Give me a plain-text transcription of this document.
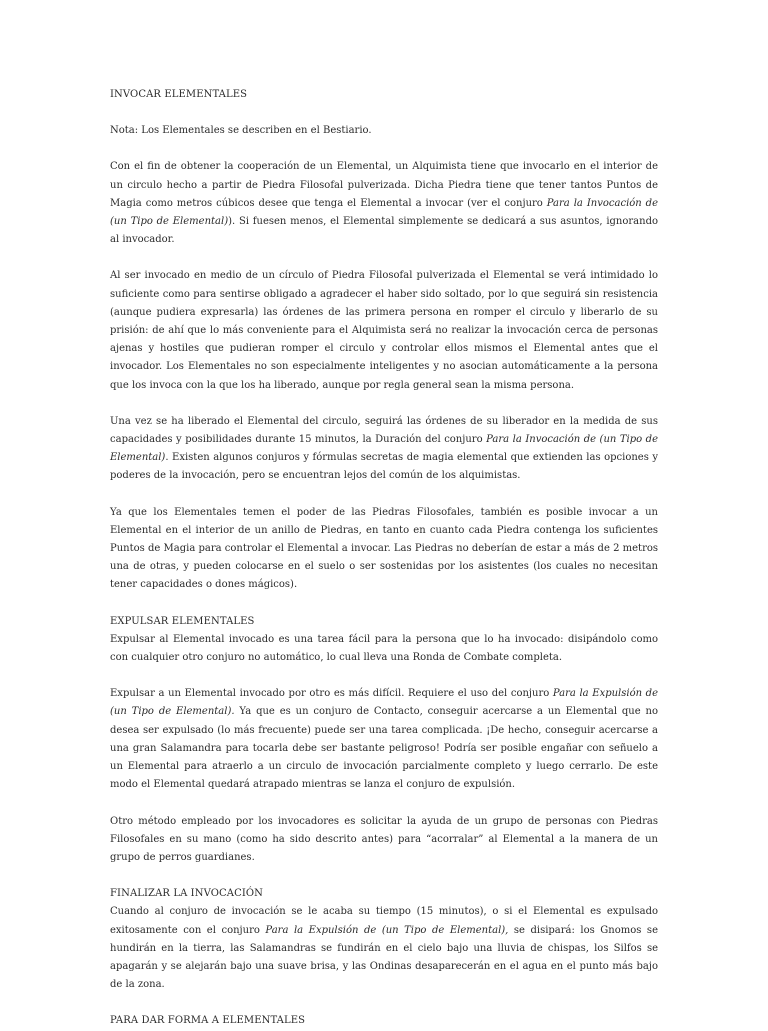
INVOCAR ELEMENTALES

Nota: Los Elementales se describen en el Bestiario.

Con el fin de obtener la cooperación de un Elemental, un Alquimista tiene que invocarlo en el interior de un circulo hecho a partir de Piedra Filosofal pulverizada. Dicha Piedra tiene que tener tantos Puntos de Magia como metros cúbicos desee que tenga el Elemental a invocar (ver el conjuro Para la Invocación de (un Tipo de Elemental)). Si fuesen menos, el Elemental simplemente se dedicará a sus asuntos, ignorando al invocador.

Al ser invocado en medio de un círculo of Piedra Filosofal pulverizada el Elemental se verá intimidado lo suficiente como para sentirse obligado a agradecer el haber sido soltado, por lo que seguirá sin resistencia (aunque pudiera expresarla) las órdenes de las primera persona en romper el circulo y liberarlo de su prisión: de ahí que lo más conveniente para el Alquimista será no realizar la invocación cerca de personas ajenas y hostiles que pudieran romper el circulo y controlar ellos mismos el Elemental antes que el invocador. Los Elementales no son especialmente inteligentes y no asocian automáticamente a la persona que los invoca con la que los ha liberado, aunque por regla general sean la misma persona.

Una vez se ha liberado el Elemental del circulo, seguirá las órdenes de su liberador en la medida de sus capacidades y posibilidades durante 15 minutos, la Duración del conjuro Para la Invocación de (un Tipo de Elemental). Existen algunos conjuros y fórmulas secretas de magia elemental que extienden las opciones y poderes de la invocación, pero se encuentran lejos del común de los alquimistas.

Ya que los Elementales temen el poder de las Piedras Filosofales, también es posible invocar a un Elemental en el interior de un anillo de Piedras, en tanto en cuanto cada Piedra contenga los suficientes Puntos de Magia para controlar el Elemental a invocar. Las Piedras no deberían de estar a más de 2 metros una de otras, y pueden colocarse en el suelo o ser sostenidas por los asistentes (los cuales no necesitan tener capacidades o dones mágicos).

EXPULSAR ELEMENTALES

Expulsar al Elemental invocado es una tarea fácil para la persona que lo ha invocado: disipándolo como con cualquier otro conjuro no automático, lo cual lleva una Ronda de Combate completa.

Expulsar a un Elemental invocado por otro es más difícil. Requiere el uso del conjuro Para la Expulsión de (un Tipo de Elemental). Ya que es un conjuro de Contacto, conseguir acercarse a un Elemental que no desea ser expulsado (lo más frecuente) puede ser una tarea complicada. ¡De hecho, conseguir acercarse a una gran Salamandra para tocarla debe ser bastante peligroso! Podría ser posible engañar con señuelo a un Elemental para atraerlo a un circulo de invocación parcialmente completo y luego cerrarlo. De este modo el Elemental quedará atrapado mientras se lanza el conjuro de expulsión.

Otro método empleado por los invocadores es solicitar la ayuda de un grupo de personas con Piedras Filosofales en su mano (como ha sido descrito antes) para “acorralar” al Elemental a la manera de un grupo de perros guardianes.

FINALIZAR LA INVOCACIÓN

Cuando al conjuro de invocación se le acaba su tiempo (15 minutos), o si el Elemental es expulsado exitosamente con el conjuro Para la Expulsión de (un Tipo de Elemental), se disipará: los Gnomos se hundirán en la tierra, las Salamandras se fundirán en el cielo bajo una lluvia de chispas, los Silfos se apagarán y se alejarán bajo una suave brisa, y las Ondinas desaparecerán en el agua en el punto más bajo de la zona.

PARA DAR FORMA A ELEMENTALES
